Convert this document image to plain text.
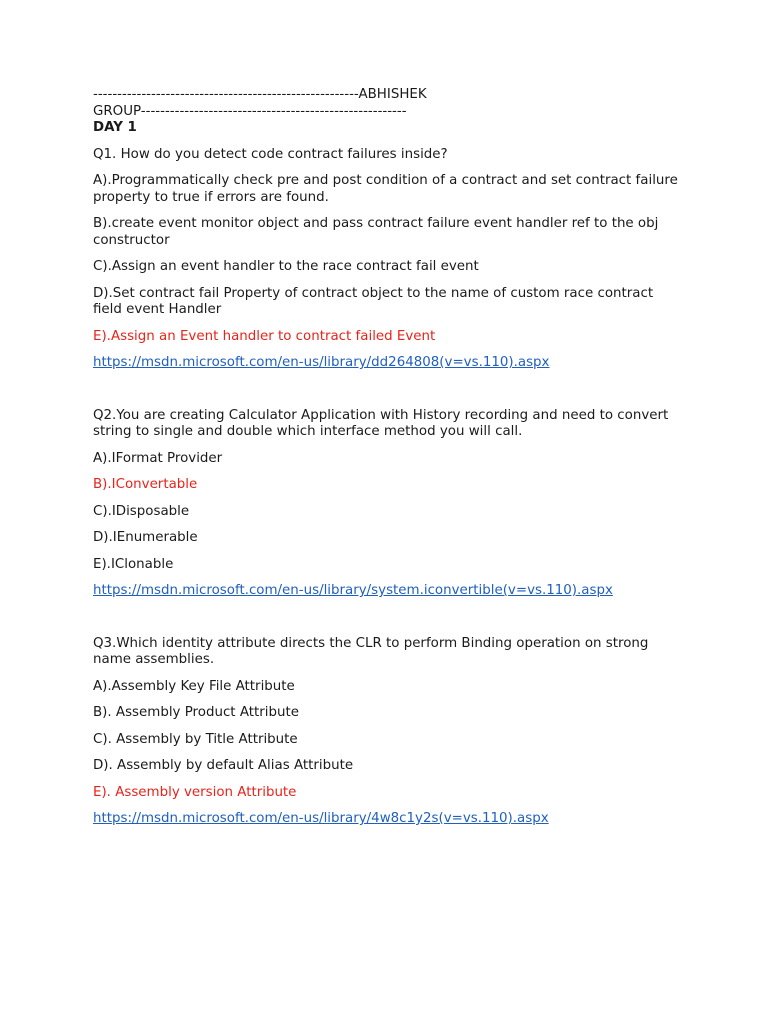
-------------------------------------------------------ABHISHEK

GROUP-------------------------------------------------------

DAY 1

Q1. How do you detect code contract failures inside?

A).Programmatically check pre and post condition of a contract and set contract failure property to true if errors are found.

B).create event monitor object and pass contract failure event handler ref to the obj constructor

C).Assign an event handler to the race contract fail event

D).Set contract fail Property of contract object to the name of custom race contract field event Handler

E).Assign an Event handler to contract failed Event

https://msdn.microsoft.com/en-us/library/dd264808(v=vs.110).aspx

Q2.You are creating Calculator Application with History recording and need to convert string to single and double which interface method you will call.

A).IFormat Provider

B).IConvertable

C).IDisposable

D).IEnumerable

E).IClonable

https://msdn.microsoft.com/en-us/library/system.iconvertible(v=vs.110).aspx

Q3.Which identity attribute directs the CLR to perform Binding operation on strong name assemblies.

A).Assembly Key File Attribute

B). Assembly Product Attribute

C). Assembly by Title Attribute

D). Assembly by default Alias Attribute

E). Assembly version Attribute

https://msdn.microsoft.com/en-us/library/4w8c1y2s(v=vs.110).aspx
